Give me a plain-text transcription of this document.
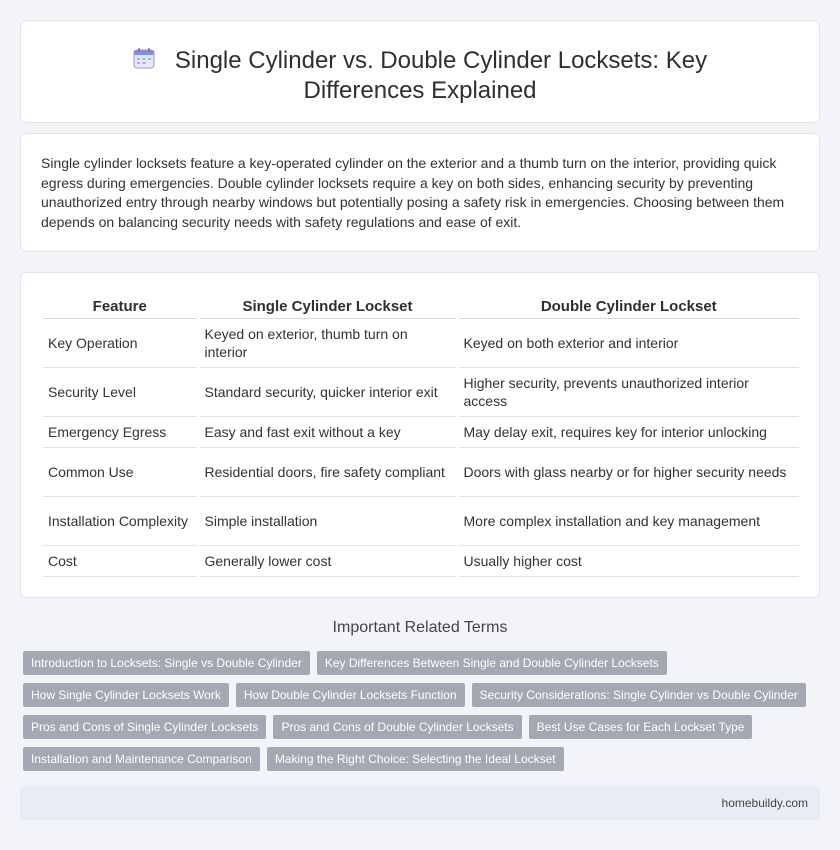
Single Cylinder vs. Double Cylinder Locksets: Key Differences Explained

Single cylinder locksets feature a key-operated cylinder on the exterior and a thumb turn on the interior, providing quick egress during emergencies. Double cylinder locksets require a key on both sides, enhancing security by preventing unauthorized entry through nearby windows but potentially posing a safety risk in emergencies. Choosing between them depends on balancing security needs with safety regulations and ease of exit.

Feature	Single Cylinder Lockset	Double Cylinder Lockset
Key Operation	Keyed on exterior, thumb turn on interior	Keyed on both exterior and interior
Security Level	Standard security, quicker interior exit	Higher security, prevents unauthorized interior access
Emergency Egress	Easy and fast exit without a key	May delay exit, requires key for interior unlocking
Common Use	Residential doors, fire safety compliant	Doors with glass nearby or for higher security needs
Installation Complexity	Simple installation	More complex installation and key management
Cost	Generally lower cost	Usually higher cost
Important Related Terms
Introduction to Locksets: Single vs Double Cylinder	Key Differences Between Single and Double Cylinder Locksets
How Single Cylinder Locksets Work	How Double Cylinder Locksets Function	Security Considerations: Single Cylinder vs Double Cylinder
Pros and Cons of Single Cylinder Locksets	Pros and Cons of Double Cylinder Locksets	Best Use Cases for Each Lockset Type
Installation and Maintenance Comparison	Making the Right Choice: Selecting the Ideal Lockset
homebuildy.com
